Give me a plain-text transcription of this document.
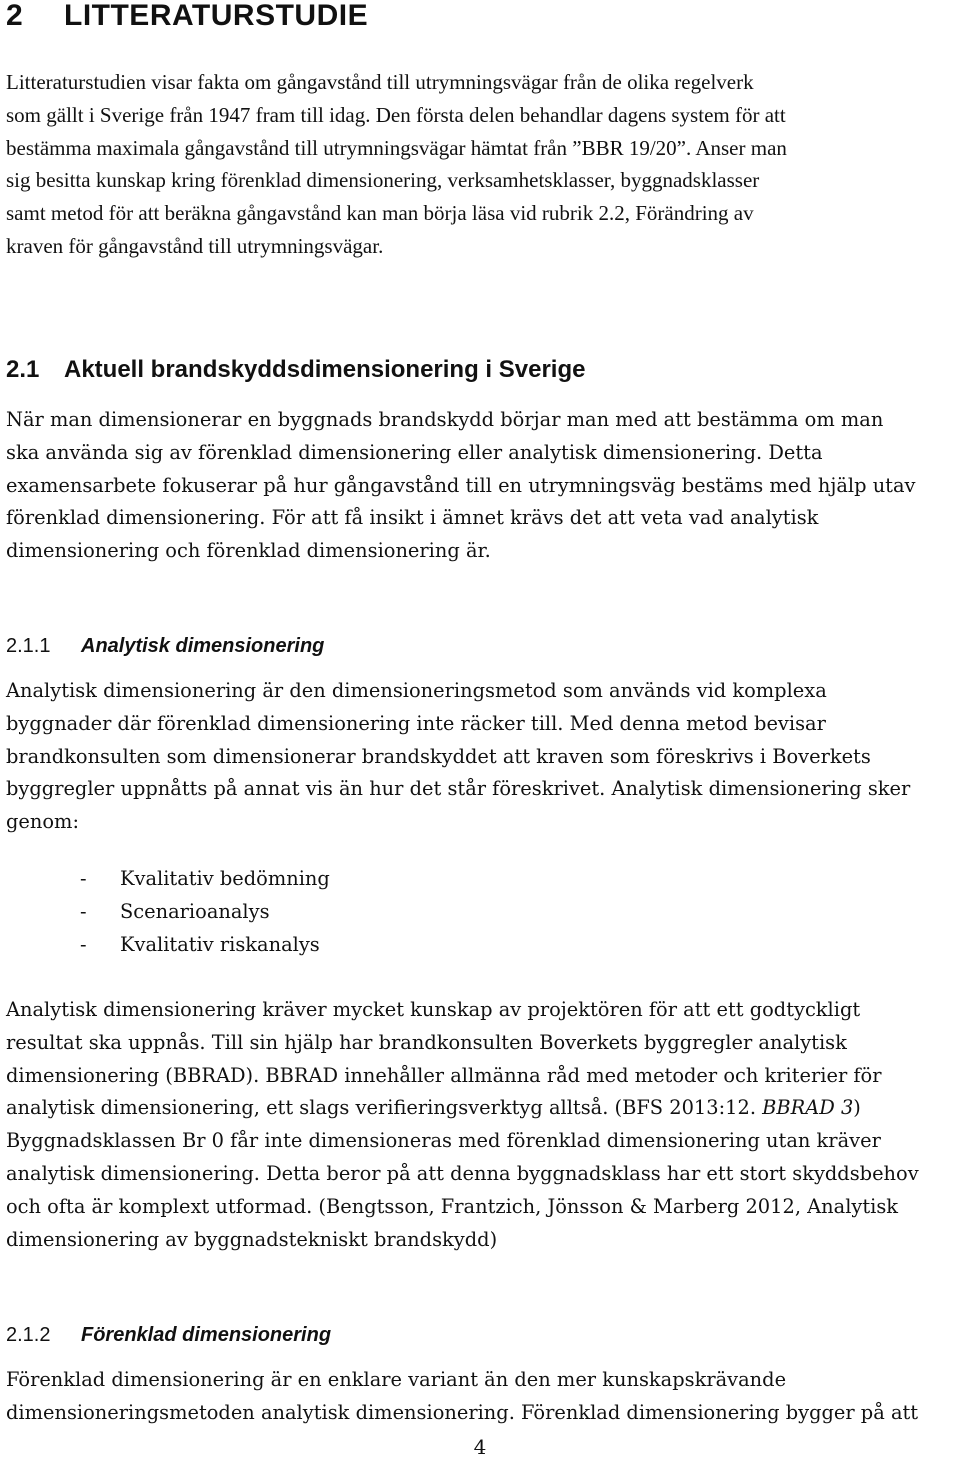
2 LITTERATURSTUDIE
Litteraturstudien visar fakta om gångavstånd till utrymningsvägar från de olika regelverk
som gällt i Sverige från 1947 fram till idag. Den första delen behandlar dagens system för att
bestämma maximala gångavstånd till utrymningsvägar hämtat från ”BBR 19/20”. Anser man
sig besitta kunskap kring förenklad dimensionering, verksamhetsklasser, byggnadsklasser
samt metod för att beräkna gångavstånd kan man börja läsa vid rubrik 2.2, Förändring av
kraven för gångavstånd till utrymningsvägar.
2.1 Aktuell brandskyddsdimensionering i Sverige
När man dimensionerar en byggnads brandskydd börjar man med att bestämma om man
ska använda sig av förenklad dimensionering eller analytisk dimensionering. Detta
examensarbete fokuserar på hur gångavstånd till en utrymningsväg bestäms med hjälp utav
förenklad dimensionering. För att få insikt i ämnet krävs det att veta vad analytisk
dimensionering och förenklad dimensionering är.
2.1.1 Analytisk dimensionering
Analytisk dimensionering är den dimensioneringsmetod som används vid komplexa
byggnader där förenklad dimensionering inte räcker till. Med denna metod bevisar
brandkonsulten som dimensionerar brandskyddet att kraven som föreskrivs i Boverkets
byggregler uppnåtts på annat vis än hur det står föreskrivet. Analytisk dimensionering sker
genom:
- Kvalitativ bedömning
- Scenarioanalys
- Kvalitativ riskanalys
Analytisk dimensionering kräver mycket kunskap av projektören för att ett godtyckligt
resultat ska uppnås. Till sin hjälp har brandkonsulten Boverkets byggregler analytisk
dimensionering (BBRAD). BBRAD innehåller allmänna råd med metoder och kriterier för
analytisk dimensionering, ett slags verifieringsverktyg alltså. (BFS 2013:12. BBRAD 3)
Byggnadsklassen Br 0 får inte dimensioneras med förenklad dimensionering utan kräver
analytisk dimensionering. Detta beror på att denna byggnadsklass har ett stort skyddsbehov
och ofta är komplext utformad. (Bengtsson, Frantzich, Jönsson & Marberg 2012, Analytisk
dimensionering av byggnadstekniskt brandskydd)
2.1.2 Förenklad dimensionering
Förenklad dimensionering är en enklare variant än den mer kunskapskrävande
dimensioneringsmetoden analytisk dimensionering. Förenklad dimensionering bygger på att
4
